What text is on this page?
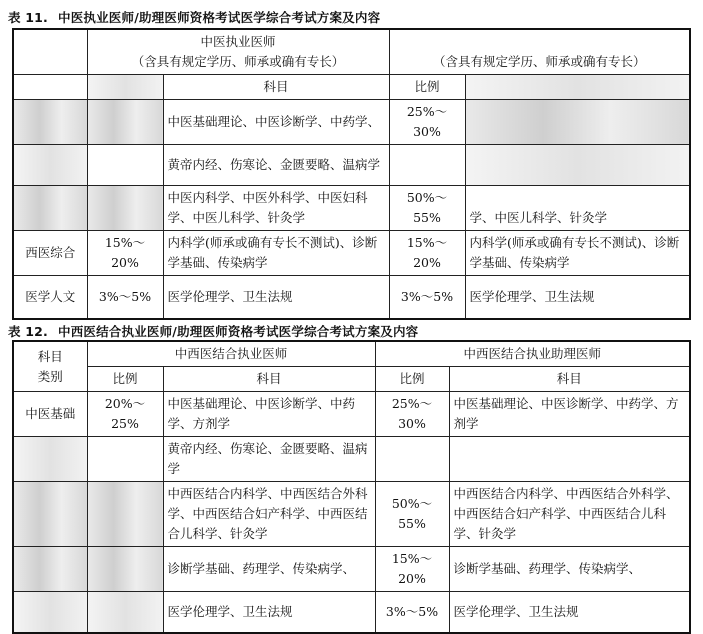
表 11. 中医执业医师/助理医师资格考试医学综合考试方案及内容

	中医执业医师
（含具有规定学历、师承或确有专长）		（含具有规定学历、师承或确有专长）	

		科目	比例	
		中医基础理论、中医诊断学、中药学、	25%～30%	
		黄帝内经、伤寒论、金匮要略、温病学		
		中医内科学、中医外科学、中医妇科学、中医儿科学、针灸学	50%～55%	学、中医儿科学、针灸学
西医综合	15%～20%	内科学(师承或确有专长不测试)、诊断学基础、传染病学	15%～20%	内科学(师承或确有专长不测试)、诊断学基础、传染病学
医学人文	3%～5%	医学伦理学、卫生法规	3%～5%	医学伦理学、卫生法规
表 12. 中西医结合执业医师/助理医师资格考试医学综合考试方案及内容
科目
类别	中西医结合执业医师		中西医结合执业助理医师	
	比例	科目	比例	科目
中医基础	20%～25%	中医基础理论、中医诊断学、中药学、方剂学	25%～30%	中医基础理论、中医诊断学、中药学、方剂学
		黄帝内经、伤寒论、金匮要略、温病学		
		中西医结合内科学、中西医结合外科学、中西医结合妇产科学、中西医结合儿科学、针灸学	50%～55%	中西医结合内科学、中西医结合外科学、中西医结合妇产科学、中西医结合儿科学、针灸学
		诊断学基础、药理学、传染病学、	15%～20%	诊断学基础、药理学、传染病学、
		医学伦理学、卫生法规	3%～5%	医学伦理学、卫生法规
